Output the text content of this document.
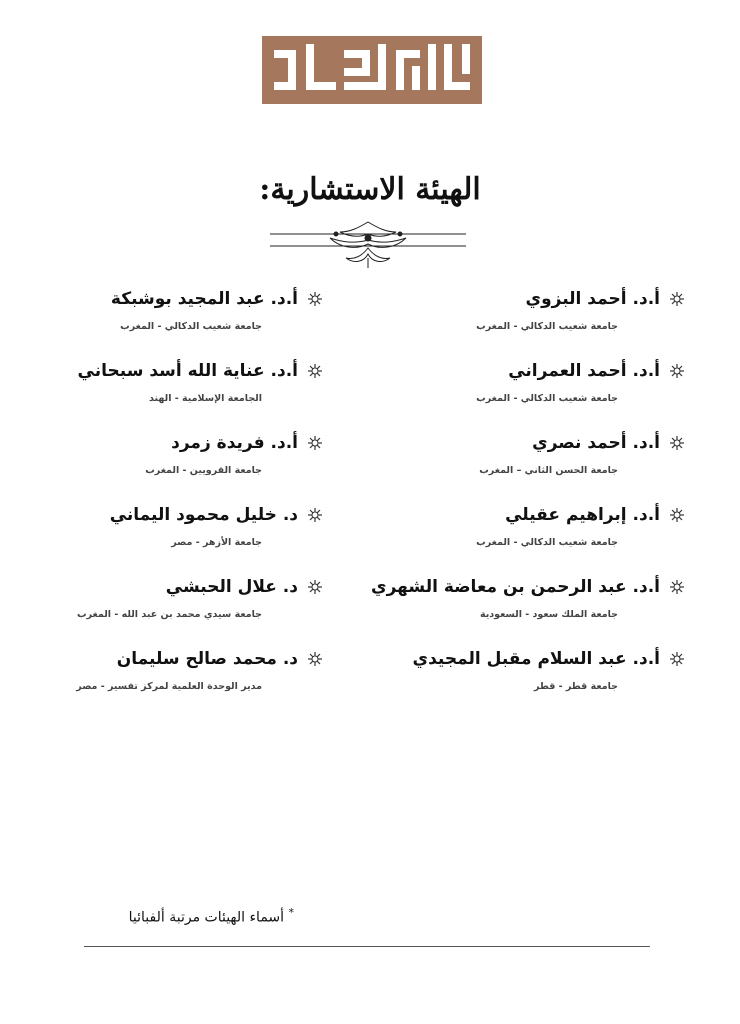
الهيئة الاستشارية:
أ.د. أحمد البزوي
جامعة شعيب الدكالي - المغرب
أ.د. أحمد العمراني
جامعة شعيب الدكالي - المغرب
أ.د. أحمد نصري
جامعة الحسن الثاني – المغرب
أ.د. إبراهيم عقيلي
جامعة شعيب الدكالي - المغرب
أ.د. عبد الرحمن بن معاضة الشهري
جامعة الملك سعود - السعودية
أ.د. عبد السلام مقبل المجيدي
جامعة قطر - قطر
أ.د. عبد المجيد بوشبكة
جامعة شعيب الدكالي - المغرب
أ.د. عناية الله أسد سبحاني
الجامعة الإسلامية - الهند
أ.د. فريدة زمرد
جامعة القرويين - المغرب
د. خليل محمود اليماني
جامعة الأزهر - مصر
د. علال الحبشي
جامعة سيدي محمد بن عبد الله - المغرب
د. محمد صالح سليمان
مدير الوحدة العلمية لمركز تفسير - مصر
* أسماء الهيئات مرتبة ألفبائيا
